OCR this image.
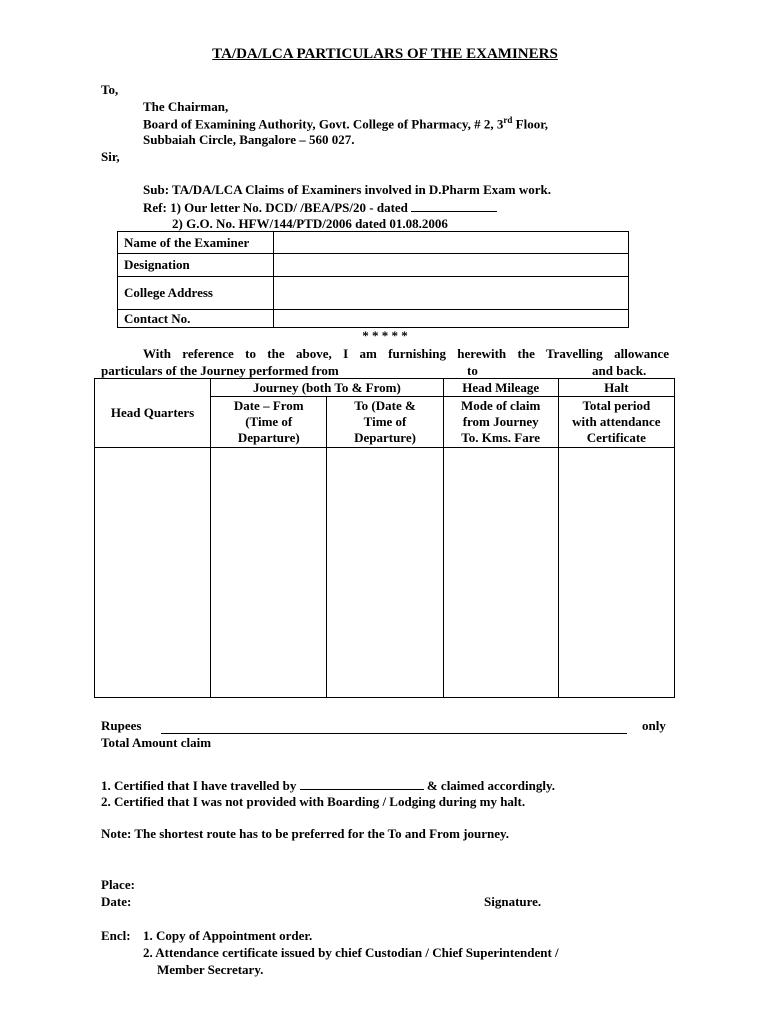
TA/DA/LCA PARTICULARS OF THE EXAMINERS
To,
The Chairman,
Board of Examining Authority, Govt. College of Pharmacy, # 2, 3rd Floor,
Subbaiah Circle, Bangalore – 560 027.
Sir,
Sub: TA/DA/LCA Claims of Examiners involved in D.Pharm Exam work.
Ref: 1) Our letter No. DCD/ /BEA/PS/20 - dated
2) G.O. No. HFW/144/PTD/2006 dated 01.08.2006
Name of the Examiner	
Designation	
College Address	
Contact No.	
* * * * *
With reference to the above, I am furnishing herewith the Travelling allowance
particulars of the Journey performed from	to	and back.
Head Quarters	Journey (both To & From)		Head Mileage	Halt
	Date – From
(Time of
Departure)	To (Date &
Time of
Departure)	Mode of claim
from Journey
To. Kms. Fare	Total period
with attendance
Certificate

Rupees	only
Total Amount claim
1. Certified that I have travelled by	& claimed accordingly.
2. Certified that I was not provided with Boarding / Lodging during my halt.
Note: The shortest route has to be preferred for the To and From journey.
Place:
Date:	Signature.
Encl: 1. Copy of Appointment order.
2. Attendance certificate issued by chief Custodian / Chief Superintendent /
Member Secretary.
